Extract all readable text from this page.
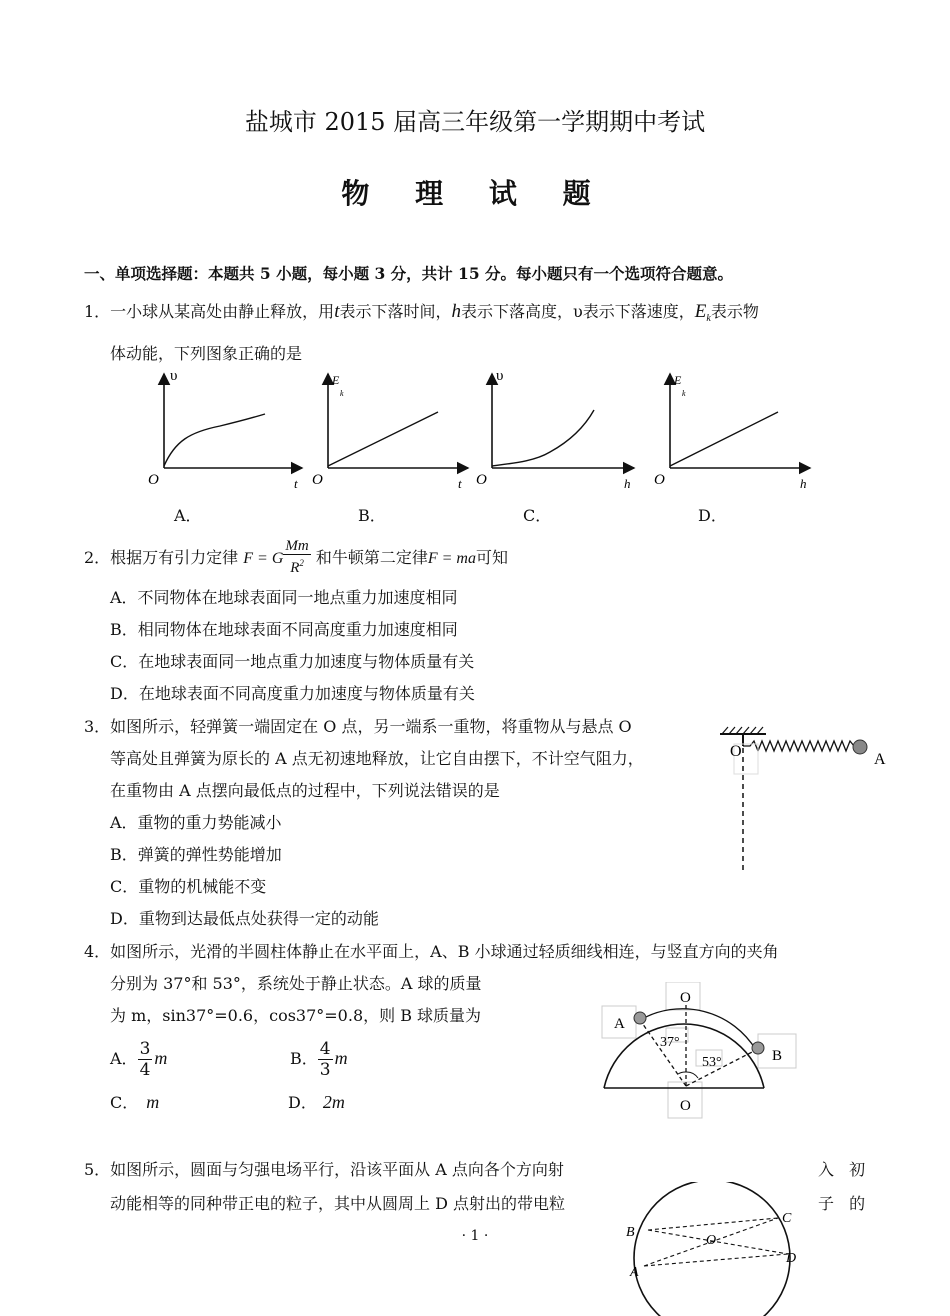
盐城市 2015 届高三年级第一学期期中考试
物 理 试 题
一、单项选择题：本题共 5 小题，每小题 3 分，共计 15 分。每小题只有一个选项符合题意。
1．一小球从某高处由静止释放，用t表示下落时间，h表示下落高度，υ表示下落速度，$E_k$表示物
体动能，下列图象正确的是
υ
O	t
E
k
O	t
υ
O	h
E
k
O	h
A．	B．	C．	D．
2．根据万有引力定律 F = G $\frac{Mm}{R^2}$ 和牛顿第二定律F = ma可知
A．不同物体在地球表面同一地点重力加速度相同
B．相同物体在地球表面不同高度重力加速度相同
C．在地球表面同一地点重力加速度与物体质量有关
D．在地球表面不同高度重力加速度与物体质量有关
3．如图所示，轻弹簧一端固定在 O 点，另一端系一重物，将重物从与悬点 O
等高处且弹簧为原长的 A 点无初速地释放，让它自由摆下，不计空气阻力，
在重物由 A 点摆向最低点的过程中，下列说法错误的是
A．重物的重力势能减小
B．弹簧的弹性势能增加
C．重物的机械能不变
D．重物到达最低点处获得一定的动能
O	A
4．如图所示，光滑的半圆柱体静止在水平面上，A、B 小球通过轻质细线相连，与竖直方向的夹角
分别为 37°和 53°，系统处于静止状态。A 球的质量
为 m，sin37°=0.6，cos37°=0.8，则 B 球质量为
A． $\frac{3}{4}$ m	B． $\frac{4}{3}$ m
C． m	D． 2m
O
A
B
37°
53°
O
5．如图所示，圆面与匀强电场平行，沿该平面从 A 点向各个方向射	入 初
动能相等的同种带正电的粒子，其中从圆周上 D 点射出的带电粒	子 的
B
O
A
C
D
· 1 ·
